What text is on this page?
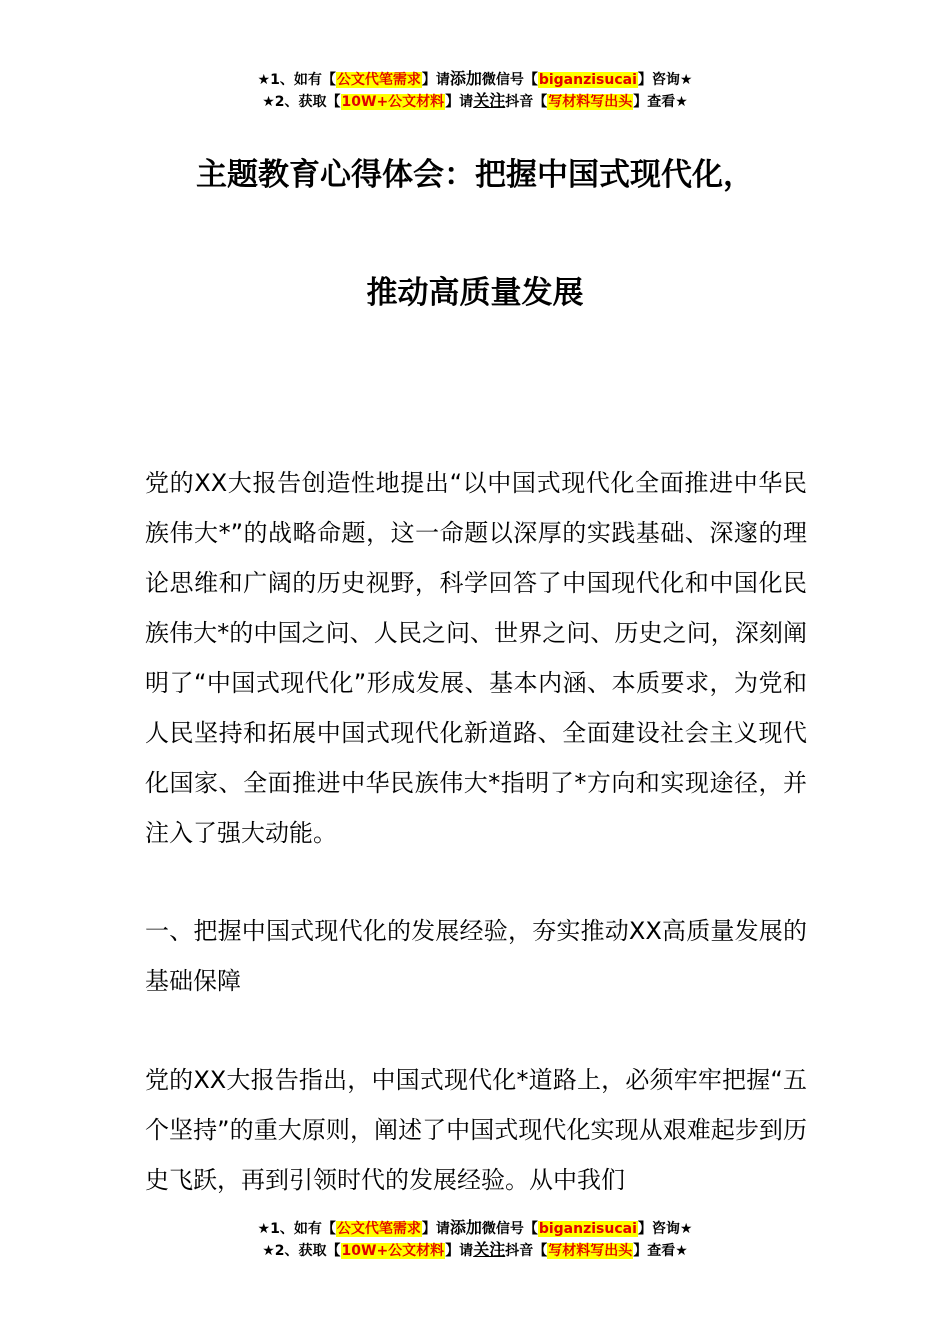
★1、如有【公文代笔需求】请添加微信号【biganzisucai】咨询★
★2、获取【10W+公文材料】请关注抖音【写材料写出头】查看★
主题教育心得体会：把握中国式现代化，
推动高质量发展

党的XX大报告创造性地提出“以中国式现代化全面推进中华民族伟大*”的战略命题，这一命题以深厚的实践基础、深邃的理论思维和广阔的历史视野，科学回答了中国现代化和中国化民族伟大*的中国之问、人民之问、世界之问、历史之问，深刻阐明了“中国式现代化”形成发展、基本内涵、本质要求，为党和人民坚持和拓展中国式现代化新道路、全面建设社会主义现代化国家、全面推进中华民族伟大*指明了*方向和实现途径，并注入了强大动能。

一、把握中国式现代化的发展经验，夯实推动XX高质量发展的基础保障

党的XX大报告指出，中国式现代化*道路上，必须牢牢把握“五个坚持”的重大原则，阐述了中国式现代化实现从艰难起步到历史飞跃，再到引领时代的发展经验。从中我们

★1、如有【公文代笔需求】请添加微信号【biganzisucai】咨询★
★2、获取【10W+公文材料】请关注抖音【写材料写出头】查看★
